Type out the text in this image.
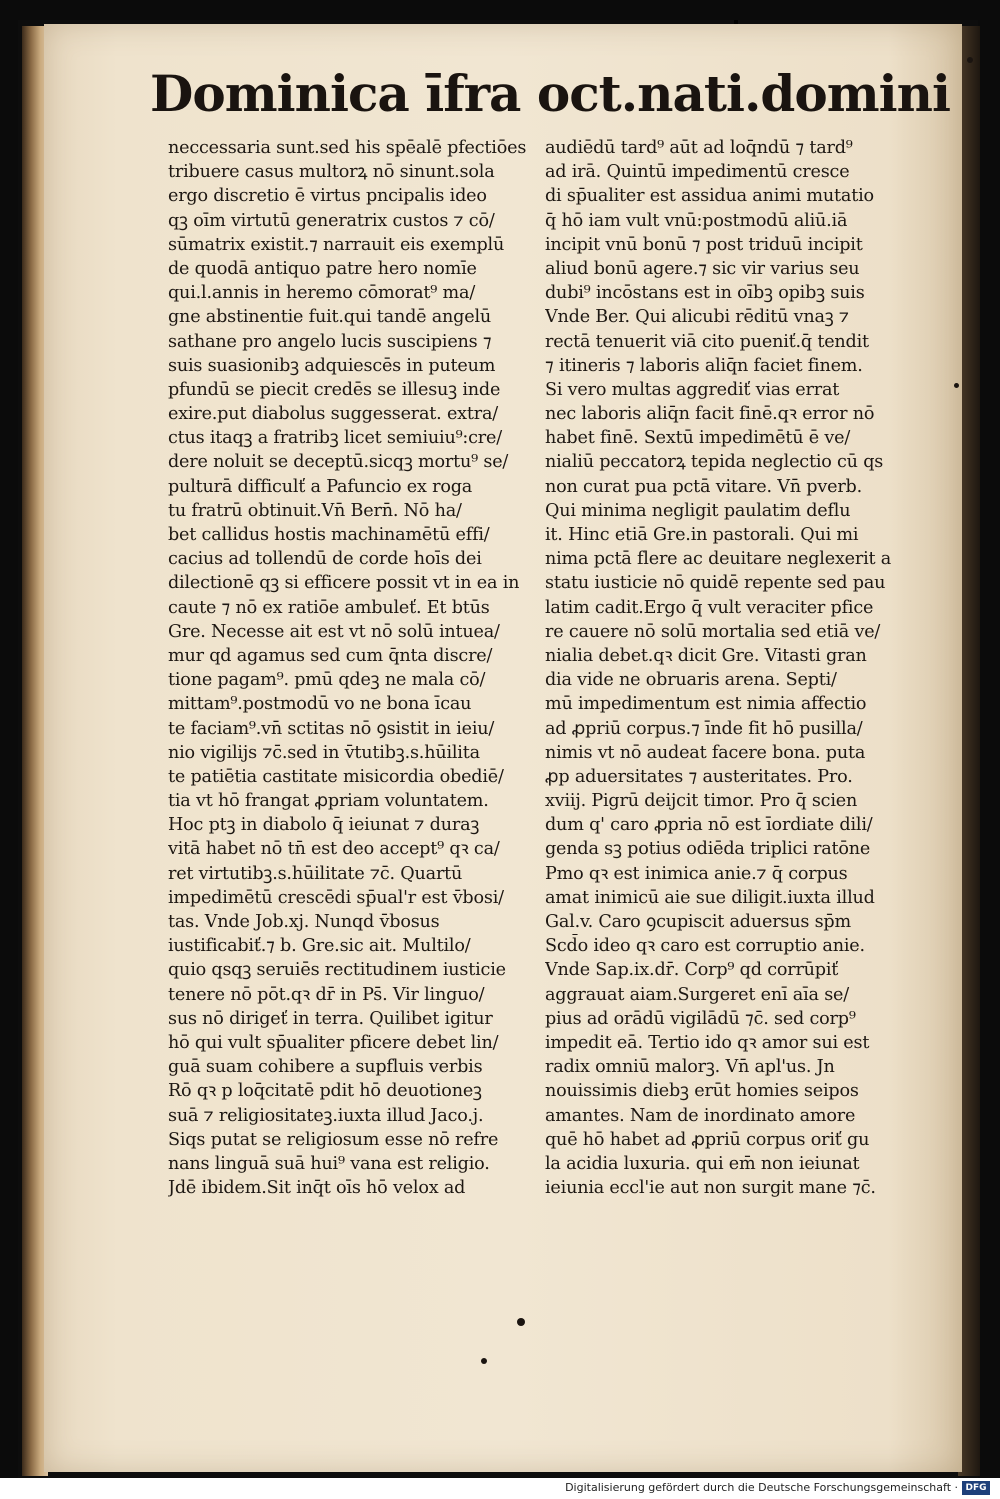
Dominica īfra oct.nati.domini
neccessaria sunt.sed his spēalē pfectiōes
tribuere casus multorꝝ nō sinunt.sola
ergo discretio ē virtus pncipalis ideo
qꝫ oīm virtutū generatrix custos ⁊ cō/
sūmatrix existit.⁊ narrauit eis exemplū
de quodā antiquo patre hero nomīe
qui.l.annis in heremo cōmorat⁹ ma/
gne abstinentie fuit.qui tandē angelū
sathane pro angelo lucis suscipiens ⁊
suis suasionibꝫ adquiescēs in puteum
pfundū se piecit credēs se illesuꝫ inde
exire.put diabolus suggesserat. extra/
ctus itaqꝫ a fratribꝫ licet semiuiu⁹:cre/
dere noluit se deceptū.sicqꝫ mortu⁹ se/
pulturā difficulť a Pafuncio ex roga
tu fratrū obtinuit.Vn̄ Bern̄. Nō ha/
bet callidus hostis machinamētū effi/
cacius ad tollendū de corde hoīs dei
dilectionē qꝫ si efficere possit vt in ea in
caute ⁊ nō ex ratiōe ambuleť. Et btūs
Gre. Necesse ait est vt nō solū intuea/
mur qd agamus sed cum q̄nta discre/
tione pagam⁹. pmū qdeꝫ ne mala cō/
mittam⁹.postmodū vo ne bona īcau
te faciam⁹.vn̄ sctitas nō ꝯsistit in ieiu/
nio vigilijs ⁊c̄.sed in v̄tutibꝫ.s.hūilita
te patiētia castitate misicordia obediē/
tia vt hō frangat ꝓpriam voluntatem.
Hoc ptꝫ in diabolo q̄ ieiunat ⁊ duraꝫ
vitā habet nō tn̄ est deo accept⁹ qꝛ ca/
ret virtutibꝫ.s.hūilitate ⁊c̄. Quartū
impedimētū crescēdi sp̄ual'r est v̄bosi/
tas. Vnde Job.xj. Nunqd v̄bosus
iustificabiť.⁊ b. Gre.sic ait. Multilo/
quio qsqꝫ seruiēs rectitudinem iusticie
tenere nō pōt.qꝛ dr̄ in Ps̄. Vir linguo/
sus nō dirigeť in terra. Quilibet igitur
hō qui vult sp̄ualiter pficere debet lin/
guā suam cohibere a supfluis verbis
Rō qꝛ p loq̄citatē pdit hō deuotioneꝫ
suā ⁊ religiositateꝫ.iuxta illud Jaco.j.
Siqs putat se religiosum esse nō refre
nans linguā suā hui⁹ vana est religio.
Jdē ibidem.Sit inq̄t oīs hō velox ad
audiēdū tard⁹ aūt ad loq̄ndū ⁊ tard⁹
ad irā. Quintū impedimentū cresce
di sp̄ualiter est assidua animi mutatio
q̄ hō iam vult vnū:postmodū aliū.iā
incipit vnū bonū ⁊ post triduū incipit
aliud bonū agere.⁊ sic vir varius seu
dubi⁹ incōstans est in oībꝫ opibꝫ suis
Vnde Ber. Qui alicubi rēditū vnaꝫ ⁊
rectā tenuerit viā cito pueniť.q̄ tendit
⁊ itineris ⁊ laboris aliq̄n faciet finem.
Si vero multas aggrediť vias errat
nec laboris aliq̄n facit finē.qꝛ error nō
habet finē. Sextū impedimētū ē ve/
nialiū peccatorꝝ tepida neglectio cū qs
non curat pua pctā vitare. Vn̄ pverb.
Qui minima negligit paulatim deflu
it. Hinc etiā Gre.in pastorali. Qui mi
nima pctā flere ac deuitare neglexerit a
statu iusticie nō quidē repente sed pau
latim cadit.Ergo q̄ vult veraciter pfice
re cauere nō solū mortalia sed etiā ve/
nialia debet.qꝛ dicit Gre. Vitasti gran
dia vide ne obruaris arena. Septi/
mū impedimentum est nimia affectio
ad ꝓpriū corpus.⁊ īnde fit hō pusilla/
nimis vt nō audeat facere bona. puta
ꝓp aduersitates ⁊ austeritates. Pro.
xviij. Pigrū deijcit timor. Pro q̄ scien
dum q' caro ꝓpria nō est īordiate dili/
genda sꝫ potius odiēda triplici ratōne
Pmo qꝛ est inimica anie.⁊ q̄ corpus
amat inimicū aie sue diligit.iuxta illud
Gal.v. Caro ꝯcupiscit aduersus sp̄m
Scd̄o ideo qꝛ caro est corruptio anie.
Vnde Sap.ix.dr̄. Corp⁹ qd corrūpiť
aggrauat aiam.Surgeret enī aīa se/
pius ad orādū vigilādū ⁊c̄. sed corp⁹
impedit eā. Tertio ido qꝛ amor sui est
radix omniū malorꝫ. Vn̄ apl'us. Jn
nouissimis diebꝫ erūt homies seipos
amantes. Nam de inordinato amore
quē hō habet ad ꝓpriū corpus oriť gu
la acidia luxuria. qui em̄ non ieiunat
ieiunia eccl'ie aut non surgit mane ⁊c̄.
Digitalisierung gefördert durch die Deutsche Forschungsgemeinschaft · DFG
